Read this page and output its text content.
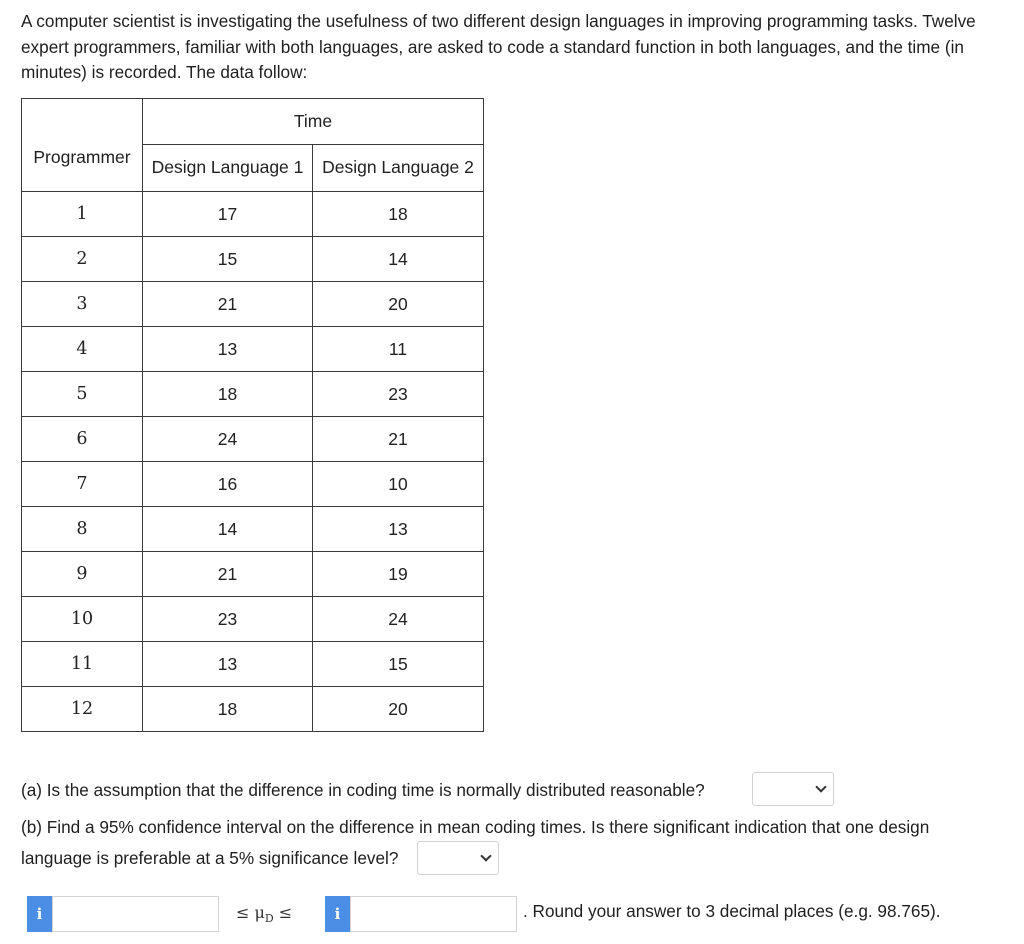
A computer scientist is investigating the usefulness of two different design languages in improving programming tasks. Twelve expert programmers, familiar with both languages, are asked to code a standard function in both languages, and the time (in minutes) is recorded. The data follow:
Programmer	Time	
	Design Language 1	Design Language 2
1	17	18
2	15	14
3	21	20
4	13	11
5	18	23
6	24	21
7	16	10
8	14	13
9	21	19
10	23	24
11	13	15
12	18	20
(a) Is the assumption that the difference in coding time is normally distributed reasonable?
(b) Find a 95% confidence interval on the difference in mean coding times. Is there significant indication that one design language is preferable at a 5% significance level?
i	≤ $\mu_D$ ≤	i	. Round your answer to 3 decimal places (e.g. 98.765).
